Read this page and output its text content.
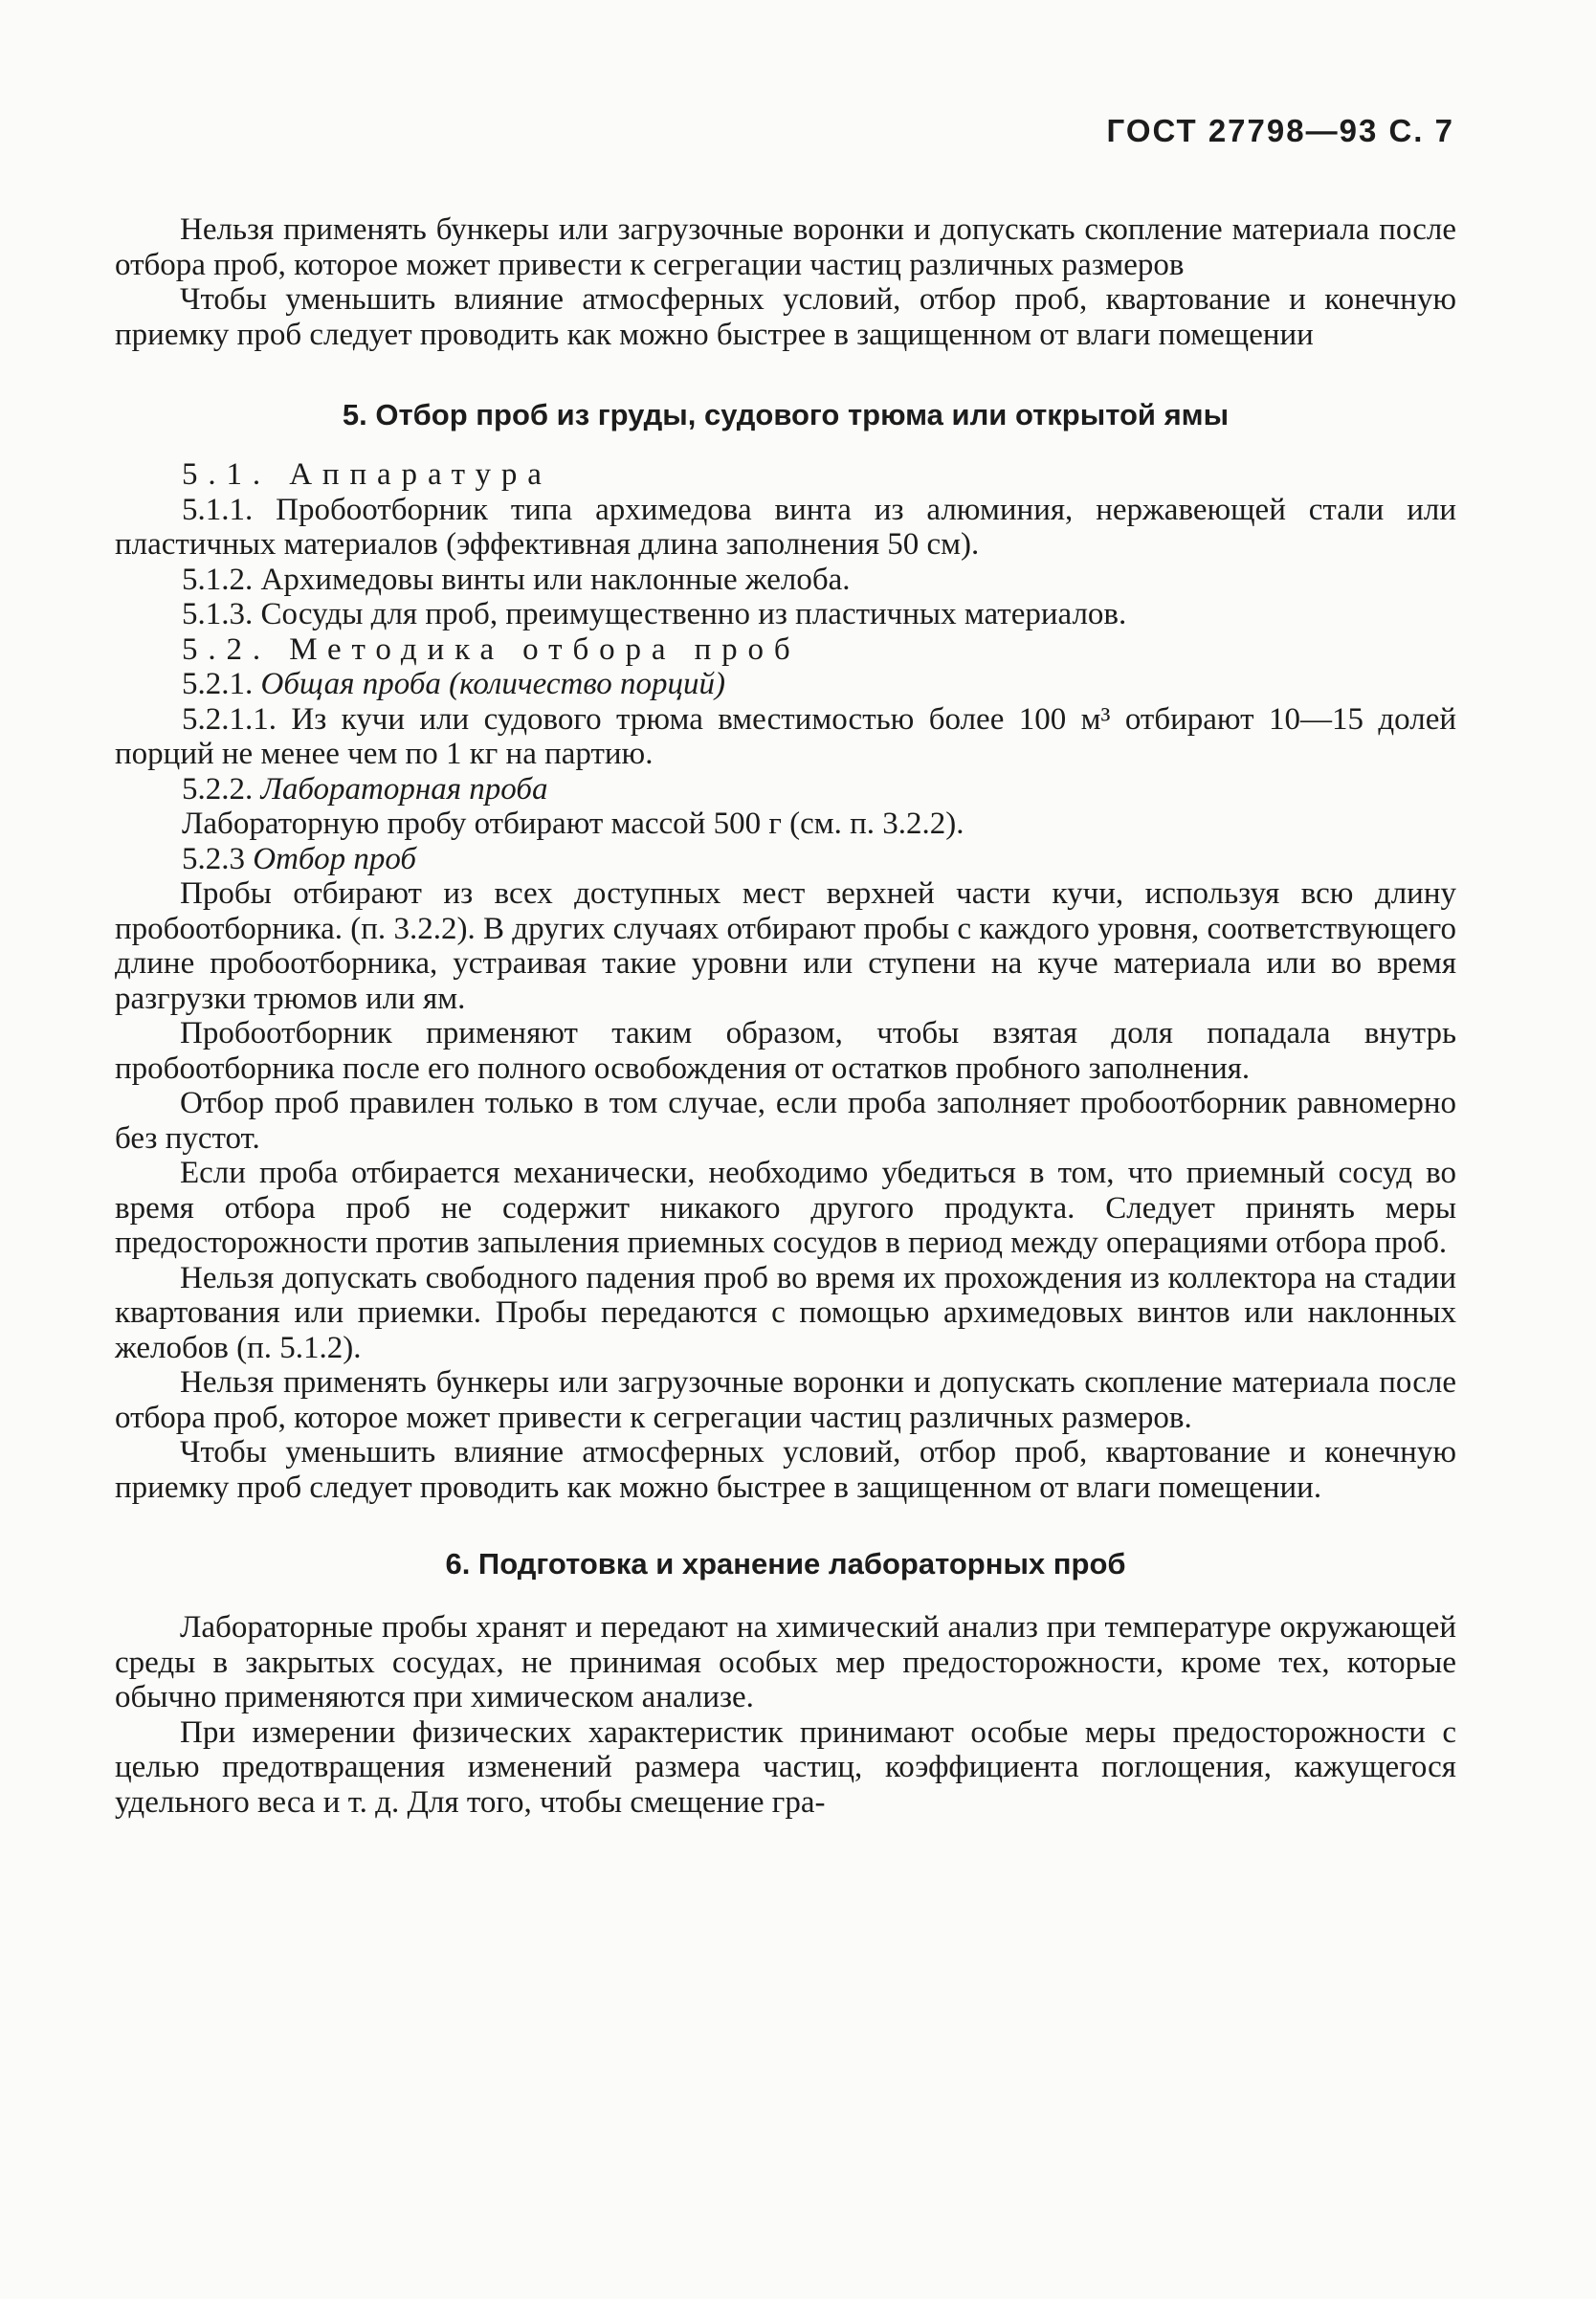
ГОСТ 27798—93 С. 7

Нельзя применять бункеры или загрузочные воронки и допускать скопление материала после отбора проб, которое может привести к сегрегации частиц различных размеров

Чтобы уменьшить влияние атмосферных условий, отбор проб, квартование и конечную приемку проб следует проводить как можно быстрее в защищенном от влаги помещении

5. Отбор проб из груды, судового трюма или открытой ямы

5.1. Аппаратура

5.1.1. Пробоотборник типа архимедова винта из алюминия, нержавеющей стали или пластичных материалов (эффективная длина заполнения 50 см).

5.1.2. Архимедовы винты или наклонные желоба.

5.1.3. Сосуды для проб, преимущественно из пластичных материалов.

5.2. Методика отбора проб

5.2.1. Общая проба (количество порций)

5.2.1.1. Из кучи или судового трюма вместимостью более 100 м³ отбирают 10—15 долей порций не менее чем по 1 кг на партию.

5.2.2. Лабораторная проба

Лабораторную пробу отбирают массой 500 г (см. п. 3.2.2).

5.2.3 Отбор проб

Пробы отбирают из всех доступных мест верхней части кучи, используя всю длину пробоотборника. (п. 3.2.2). В других случаях отбирают пробы с каждого уровня, соответствующего длине пробоотборника, устраивая такие уровни или ступени на куче материала или во время разгрузки трюмов или ям.

Пробоотборник применяют таким образом, чтобы взятая доля попадала внутрь пробоотборника после его полного освобождения от остатков пробного заполнения.

Отбор проб правилен только в том случае, если проба заполняет пробоотборник равномерно без пустот.

Если проба отбирается механически, необходимо убедиться в том, что приемный сосуд во время отбора проб не содержит никакого другого продукта. Следует принять меры предосторожности против запыления приемных сосудов в период между операциями отбора проб.

Нельзя допускать свободного падения проб во время их прохождения из коллектора на стадии квартования или приемки. Пробы передаются с помощью архимедовых винтов или наклонных желобов (п. 5.1.2).

Нельзя применять бункеры или загрузочные воронки и допускать скопление материала после отбора проб, которое может привести к сегрегации частиц различных размеров.

Чтобы уменьшить влияние атмосферных условий, отбор проб, квартование и конечную приемку проб следует проводить как можно быстрее в защищенном от влаги помещении.

6. Подготовка и хранение лабораторных проб

Лабораторные пробы хранят и передают на химический анализ при температуре окружающей среды в закрытых сосудах, не принимая особых мер предосторожности, кроме тех, которые обычно применяются при химическом анализе.

При измерении физических характеристик принимают особые меры предосторожности с целью предотвращения изменений размера частиц, коэффициента поглощения, кажущегося удельного веса и т. д. Для того, чтобы смещение гра-
